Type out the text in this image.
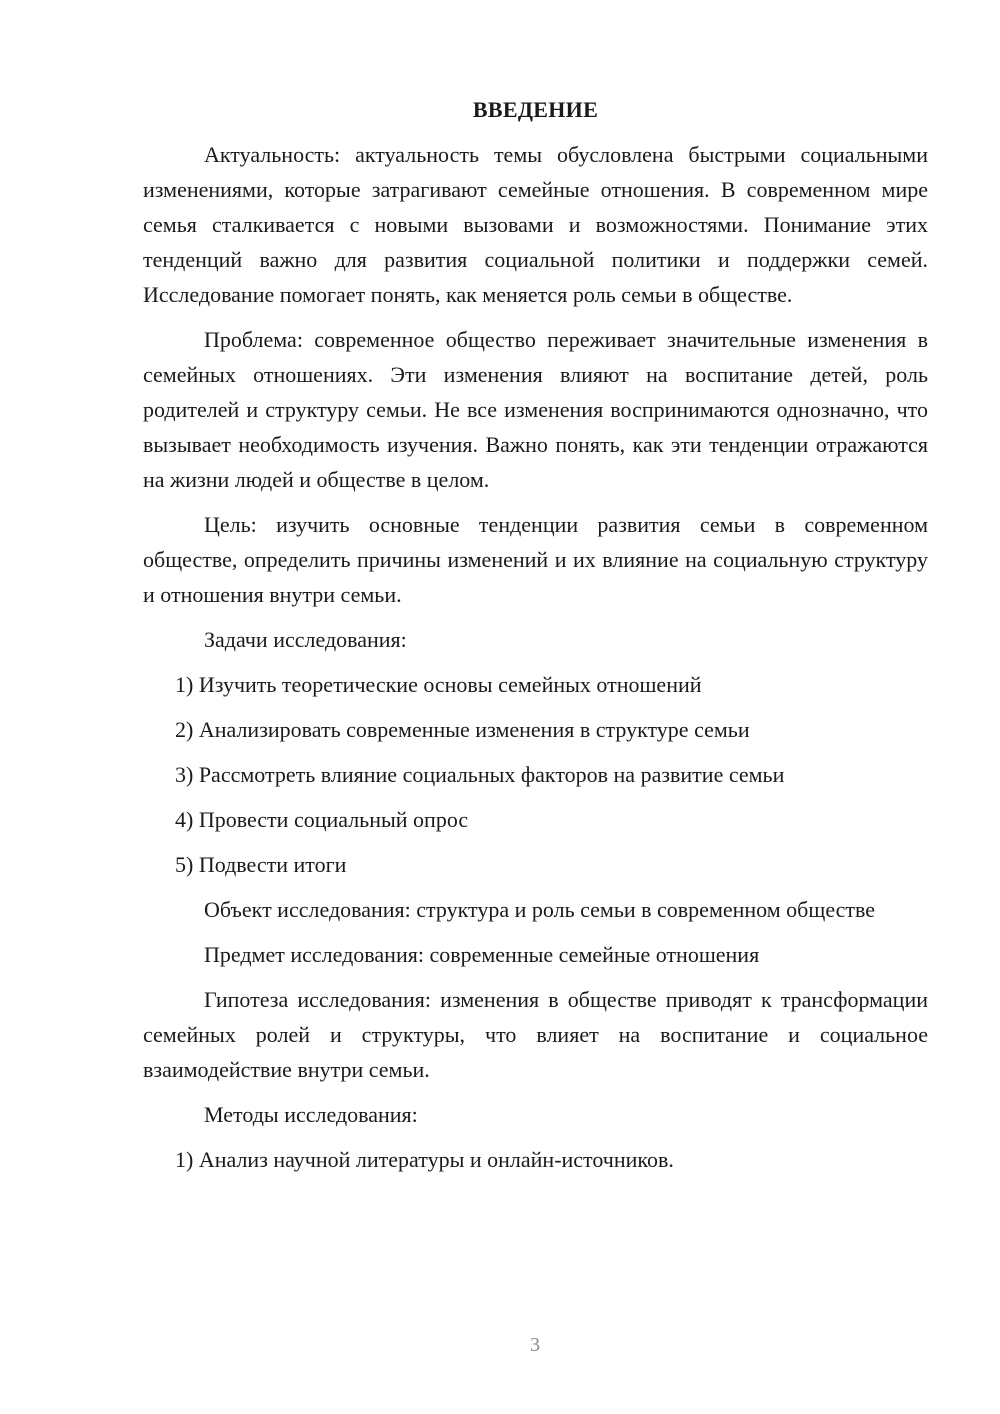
ВВЕДЕНИЕ

Актуальность: актуальность темы обусловлена быстрыми социальными изменениями, которые затрагивают семейные отношения. В современном мире семья сталкивается с новыми вызовами и возможностями. Понимание этих тенденций важно для развития социальной политики и поддержки семей. Исследование помогает понять, как меняется роль семьи в обществе.

Проблема: современное общество переживает значительные изменения в семейных отношениях. Эти изменения влияют на воспитание детей, роль родителей и структуру семьи. Не все изменения воспринимаются однозначно, что вызывает необходимость изучения. Важно понять, как эти тенденции отражаются на жизни людей и обществе в целом.

Цель: изучить основные тенденции развития семьи в современном обществе, определить причины изменений и их влияние на социальную структуру и отношения внутри семьи.

Задачи исследования:

1) Изучить теоретические основы семейных отношений

2) Анализировать современные изменения в структуре семьи

3) Рассмотреть влияние социальных факторов на развитие семьи

4) Провести социальный опрос

5) Подвести итоги

Объект исследования: структура и роль семьи в современном обществе

Предмет исследования: современные семейные отношения

Гипотеза исследования: изменения в обществе приводят к трансформации семейных ролей и структуры, что влияет на воспитание и социальное взаимодействие внутри семьи.

Методы исследования:

1) Анализ научной литературы и онлайн-источников.

3
